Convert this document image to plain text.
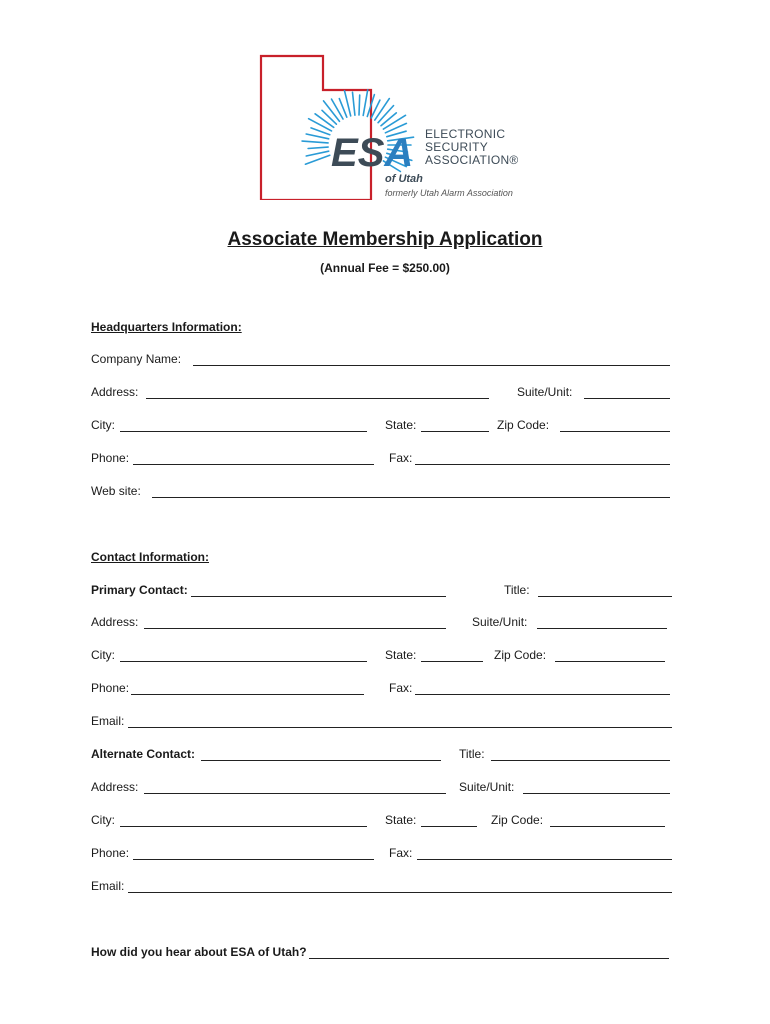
ESA ELECTRONIC
SECURITY
ASSOCIATION®
of Utah
formerly Utah Alarm Association
Associate Membership Application
(Annual Fee = $250.00)
Headquarters Information:
Company Name:
Address:	Suite/Unit:
City:	State:	Zip Code:
Phone:	Fax:
Web site:
Contact Information:
Primary Contact:	Title:
Address:	Suite/Unit:
City:	State:	Zip Code:
Phone:	Fax:
Email:
Alternate Contact:	Title:
Address:	Suite/Unit:
City:	State:	Zip Code:
Phone:	Fax:
Email:
How did you hear about ESA of Utah?
